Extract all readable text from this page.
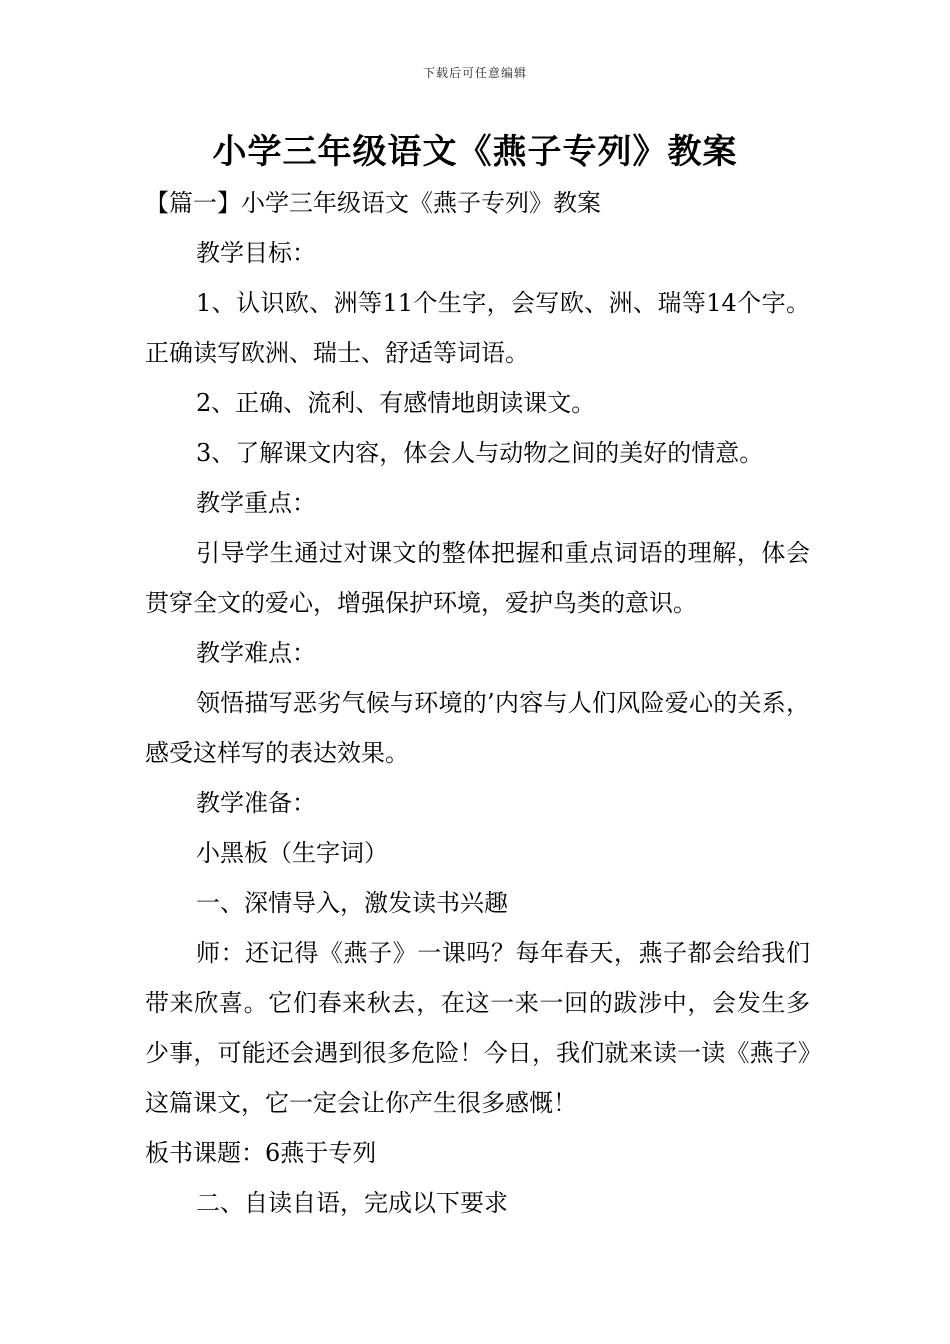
下载后可任意编辑
小学三年级语文《燕子专列》教案

【篇一】小学三年级语文《燕子专列》教案

教学目标：

1、认识欧、洲等11个生字，会写欧、洲、瑞等14个字。正确读写欧洲、瑞士、舒适等词语。

2、正确、流利、有感情地朗读课文。

3、了解课文内容，体会人与动物之间的美好的情意。

教学重点：

引导学生通过对课文的整体把握和重点词语的理解，体会贯穿全文的爱心，增强保护环境，爱护鸟类的意识。

教学难点：

领悟描写恶劣气候与环境的’内容与人们风险爱心的关系，感受这样写的表达效果。

教学准备：

小黑板（生字词）

一、深情导入，激发读书兴趣

师：还记得《燕子》一课吗？每年春天，燕子都会给我们带来欣喜。它们春来秋去，在这一来一回的跋涉中，会发生多少事，可能还会遇到很多危险！今日，我们就来读一读《燕子》这篇课文，它一定会让你产生很多感慨！

板书课题：6燕于专列

二、自读自语，完成以下要求
